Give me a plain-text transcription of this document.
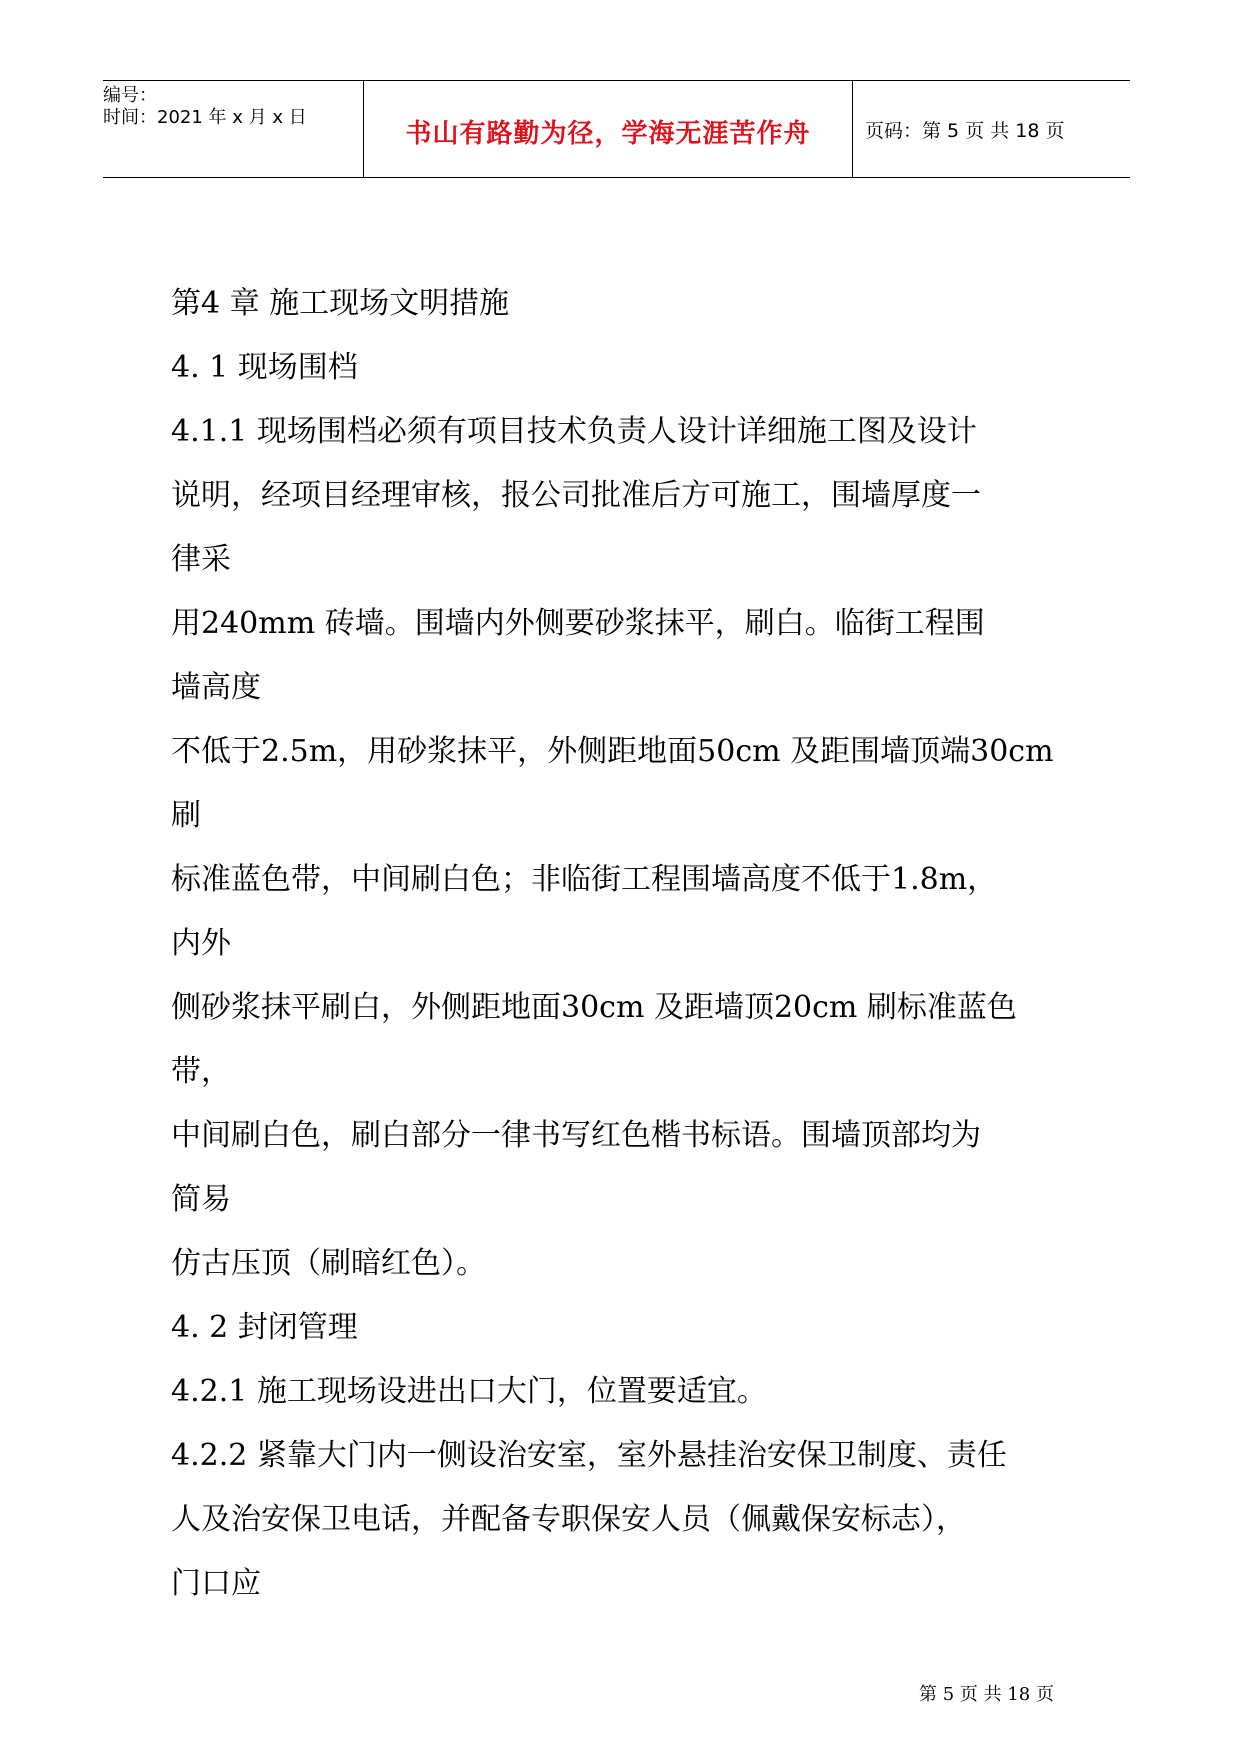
编号：
时间：2021 年 x 月 x 日
书山有路勤为径，学海无涯苦作舟	页码：第 5 页 共 18 页
第4 章 施工现场文明措施
4. 1 现场围档
4.1.1 现场围档必须有项目技术负责人设计详细施工图及设计
说明，经项目经理审核，报公司批准后方可施工，围墙厚度一
律采
用240mm 砖墙。围墙内外侧要砂浆抹平，刷白。临街工程围
墙高度
不低于2.5m，用砂浆抹平，外侧距地面50cm 及距围墙顶端30cm
刷
标准蓝色带，中间刷白色；非临街工程围墙高度不低于1.8m，
内外
侧砂浆抹平刷白，外侧距地面30cm 及距墙顶20cm 刷标准蓝色
带，
中间刷白色，刷白部分一律书写红色楷书标语。围墙顶部均为
简易
仿古压顶（刷暗红色）。
4. 2 封闭管理
4.2.1 施工现场设进出口大门，位置要适宜。
4.2.2 紧靠大门内一侧设治安室，室外悬挂治安保卫制度、责任
人及治安保卫电话，并配备专职保安人员（佩戴保安标志），
门口应
第 5 页 共 18 页
